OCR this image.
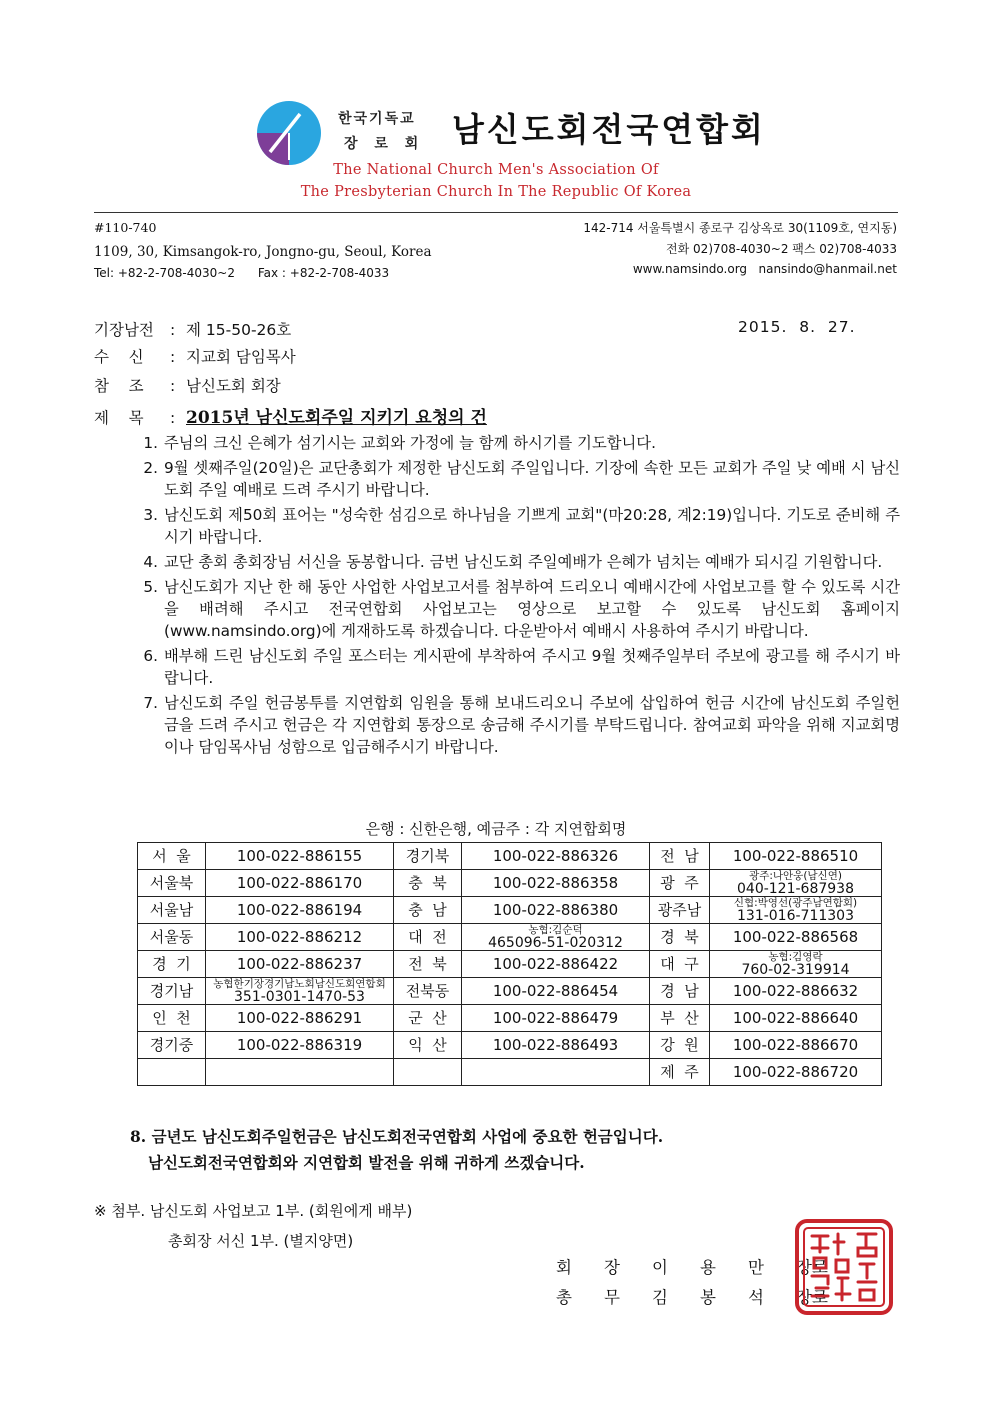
한국기독교
장 로 회 남신도회전국연합회
The National Church Men's Association Of
The Presbyterian Church In The Republic Of Korea
#110-740
1109, 30, Kimsangok-ro, Jongno-gu, Seoul, Korea
Tel: +82-2-708-4030~2      Fax : +82-2-708-4033
142-714 서울특별시 종로구 김상옥로 30(1109호, 연지동)
전화 02)708-4030~2 팩스 02)708-4033
www.namsindo.org   nansindo@hanmail.net
기장남전 : 제 15-50-26호	2015.  8.  27.
수    신 : 지교회 담임목사
참    조 : 남신도회 회장
제    목 : 2015년 남신도회주일 지키기 요청의 건
1. 주님의 크신 은혜가 섬기시는 교회와 가정에 늘 함께 하시기를 기도합니다.
2. 9월 셋째주일(20일)은 교단총회가 제정한 남신도회 주일입니다. 기장에 속한 모든 교회가 주일 낮 예배 시 남신도회 주일 예배로 드려 주시기 바랍니다.
3. 남신도회 제50회 표어는 "성숙한 섬김으로 하나님을 기쁘게 교회"(마20:28, 계2:19)입니다. 기도로 준비해 주시기 바랍니다.
4. 교단 총회 총회장님 서신을 동봉합니다. 금번 남신도회 주일예배가 은혜가 넘치는 예배가 되시길 기원합니다.
5. 남신도회가 지난 한 해 동안 사업한 사업보고서를 첨부하여 드리오니 예배시간에 사업보고를 할 수 있도록 시간을 배려해 주시고 전국연합회 사업보고는 영상으로 보고할 수 있도록 남신도회 홈페이지(www.namsindo.org)에 게재하도록 하겠습니다. 다운받아서 예배시 사용하여 주시기 바랍니다.
6. 배부해 드린 남신도회 주일 포스터는 게시판에 부착하여 주시고 9월 첫째주일부터 주보에 광고를 해 주시기 바랍니다.
7. 남신도회 주일 헌금봉투를 지연합회 임원을 통해 보내드리오니 주보에 삽입하여 헌금 시간에 남신도회 주일헌금을 드려 주시고 헌금은 각 지연합회 통장으로 송금해 주시기를 부탁드립니다. 참여교회 파악을 위해 지교회명이나 담임목사님 성함으로 입금해주시기 바랍니다.
은행 : 신한은행, 예금주 : 각 지연합회명
서  울	100-022-886155	경기북	100-022-886326	전  남	100-022-886510
서울북	100-022-886170	충  북	100-022-886358	광  주	광주:나안웅(남신연)
040-121-687938

서울남	100-022-886194	충  남	100-022-886380	광주남	신협:박영선(광주남연합회)
131-016-711303

서울동	100-022-886212	대  전	농협:김순덕
465096-51-020312	경  북	100-022-886568
경  기	100-022-886237	전  북	100-022-886422	대  구	농협:김영락
760-02-319914

경기남	농협한기장경기남노회남신도회연합회
351-0301-1470-53	전북동	100-022-886454	경  남	100-022-886632
인  천	100-022-886291	군  산	100-022-886479	부  산	100-022-886640
경기중	100-022-886319	익  산	100-022-886493	강  원	100-022-886670
				제  주	100-022-886720
8. 금년도 남신도회주일헌금은 남신도회전국연합회 사업에 중요한 헌금입니다.
남신도회전국연합회와 지연합회 발전을 위해 귀하게 쓰겠습니다.
※ 첨부. 남신도회 사업보고 1부. (회원에게 배부)
총회장 서신 1부. (별지양면)
회 장 이 용 만 장로
총 무 김 봉 석 장로
